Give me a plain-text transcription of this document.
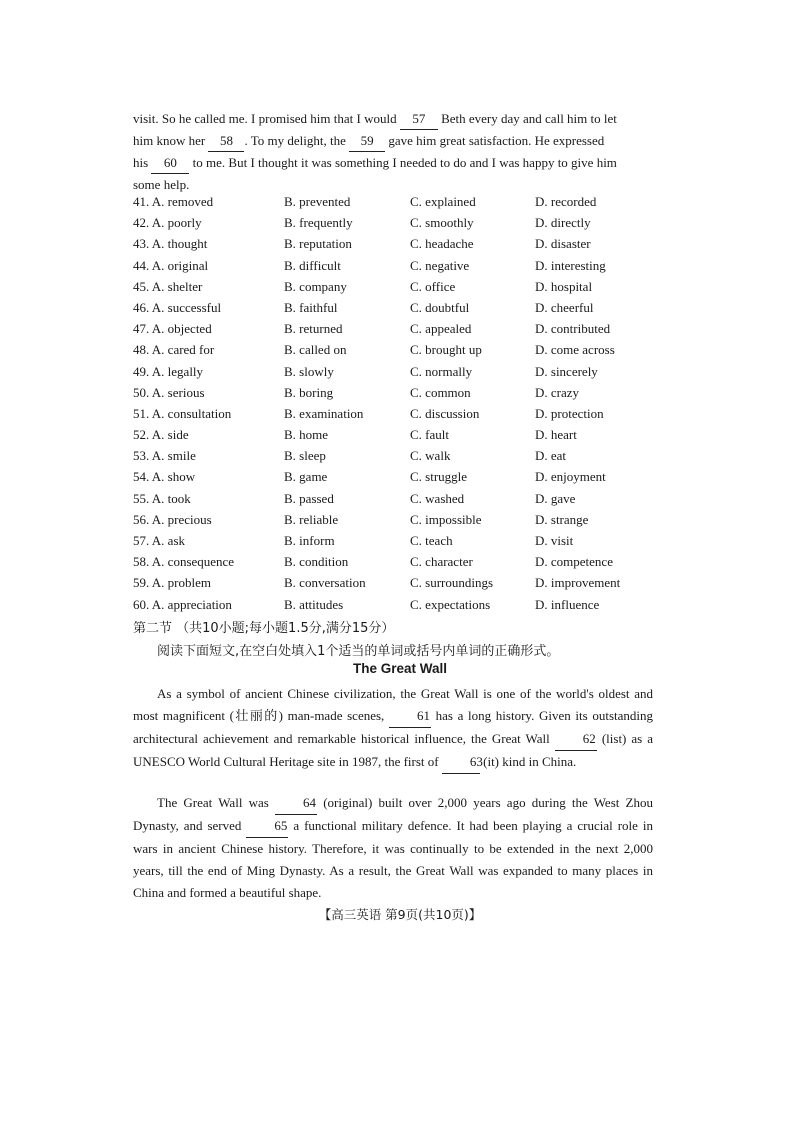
visit. So he called me. I promised him that I would 57 Beth every day and call him to let
him know her 58 . To my delight, the 59 gave him great satisfaction. He expressed
his 60 to me. But I thought it was something I needed to do and I was happy to give him
some help.
41. A. removed	B. prevented	C. explained	D. recorded
42. A. poorly	B. frequently	C. smoothly	D. directly
43. A. thought	B. reputation	C. headache	D. disaster
44. A. original	B. difficult	C. negative	D. interesting
45. A. shelter	B. company	C. office	D. hospital
46. A. successful	B. faithful	C. doubtful	D. cheerful
47. A. objected	B. returned	C. appealed	D. contributed
48. A. cared for	B. called on	C. brought up	D. come across
49. A. legally	B. slowly	C. normally	D. sincerely
50. A. serious	B. boring	C. common	D. crazy
51. A. consultation	B. examination	C. discussion	D. protection
52. A. side	B. home	C. fault	D. heart
53. A. smile	B. sleep	C. walk	D. eat
54. A. show	B. game	C. struggle	D. enjoyment
55. A. took	B. passed	C. washed	D. gave
56. A. precious	B. reliable	C. impossible	D. strange
57. A. ask	B. inform	C. teach	D. visit
58. A. consequence	B. condition	C. character	D. competence
59. A. problem	B. conversation	C. surroundings	D. improvement
60. A. appreciation	B. attitudes	C. expectations	D. influence
第二节 （共10小题;每小题1.5分,满分15分）
阅读下面短文,在空白处填入1个适当的单词或括号内单词的正确形式。
The Great Wall
As a symbol of ancient Chinese civilization, the Great Wall is one of the world's oldest and most magnificent (壮丽的) man-made scenes,	61 has a long history. Given its outstanding architectural achievement and remarkable historical influence, the Great Wall	62 (list) as a UNESCO World Cultural Heritage site in 1987, the first of 63 (it) kind in China.
The Great Wall was	64 (original) built over 2,000 years ago during the West Zhou Dynasty, and served	65 a functional military defence. It had been playing a crucial role in wars in ancient Chinese history. Therefore, it was continually to be extended in the next 2,000 years, till the end of Ming Dynasty. As a result, the Great Wall was expanded to many places in China and formed a beautiful shape.
【高三英语 第9页(共10页)】
